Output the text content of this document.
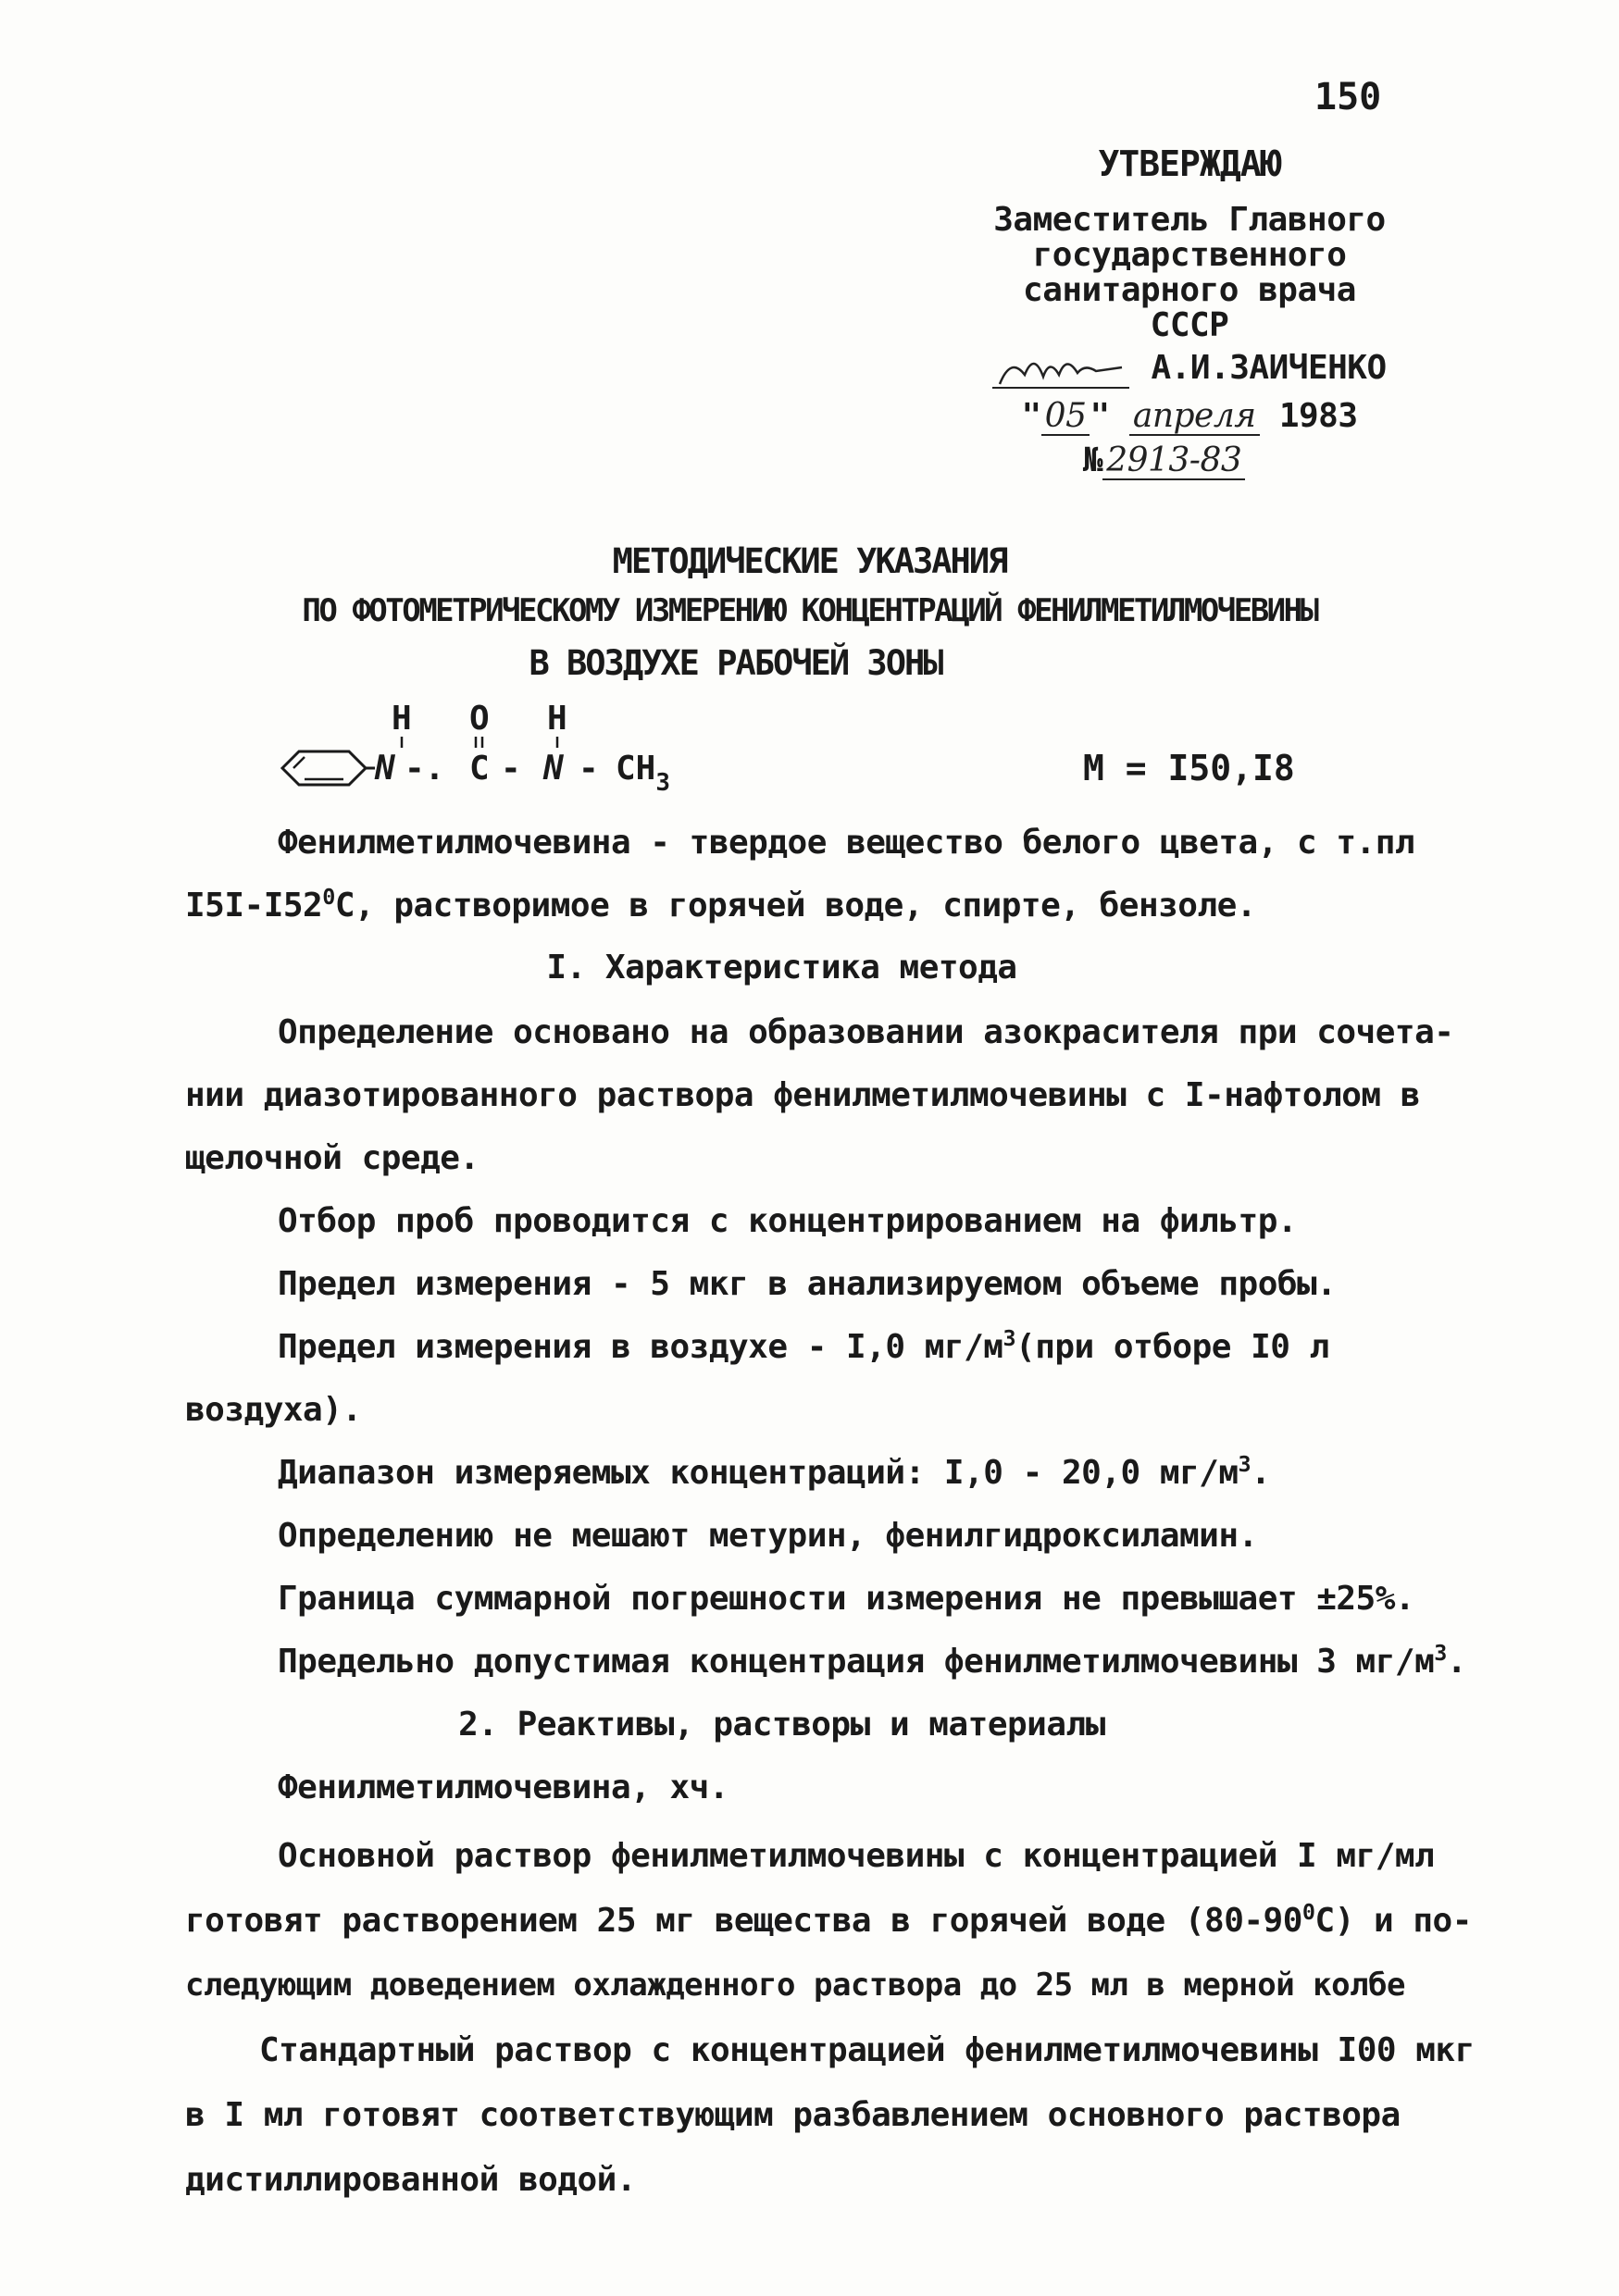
150
УТВЕРЖДАЮ
Заместитель Главного
государственного
санитарного врача СССР
А.И.ЗАИЧЕНКО
" 05 " апреля 1983
№ 2913-83
МЕТОДИЧЕСКИЕ УКАЗАНИЯ
ПО ФОТОМЕТРИЧЕСКОМУ ИЗМЕРЕНИЮ КОНЦЕНТРАЦИЙ ФЕНИЛМЕТИЛМОЧЕВИНЫ
В ВОЗДУХЕ РАБОЧЕЙ ЗОНЫ
H O H
N -. C - N - $CH_3$	М = I50,I8
Фенилметилмочевина - твердое вещество белого цвета, с т.пл
$I5I-I52^0С$, растворимое в горячей воде, спирте, бензоле.
I. Характеристика метода
Определение основано на образовании азокрасителя при сочета-
нии диазотированного раствора фенилметилмочевины с I-нафтолом в
щелочной среде.
Отбор проб проводится с концентрированием на фильтр.
Предел измерения - 5 мкг в анализируемом объеме пробы.
Предел измерения в воздухе - I,0 $мг/м^3(при$ отборе I0 л
воздуха).
Диапазон измеряемых концентраций: I,0 - 20,0 $мг/м^3$.
Определению не мешают метурин, фенилгидроксиламин.
Граница суммарной погрешности измерения не превышает ±25%.
Предельно допустимая концентрация фенилметилмочевины 3 $мг/м^3$.
2. Реактивы, растворы и материалы
Фенилметилмочевина, хч.
Основной раствор фенилметилмочевины с концентрацией I мг/мл
готовят растворением 25 мг вещества в горячей воде $(80-90^0С)$ и по-
следующим доведением охлажденного раствора до 25 мл в мерной колбе
Стандартный раствор с концентрацией фенилметилмочевины I00 мкг
в I мл готовят соответствующим разбавлением основного раствора
дистиллированной водой.
